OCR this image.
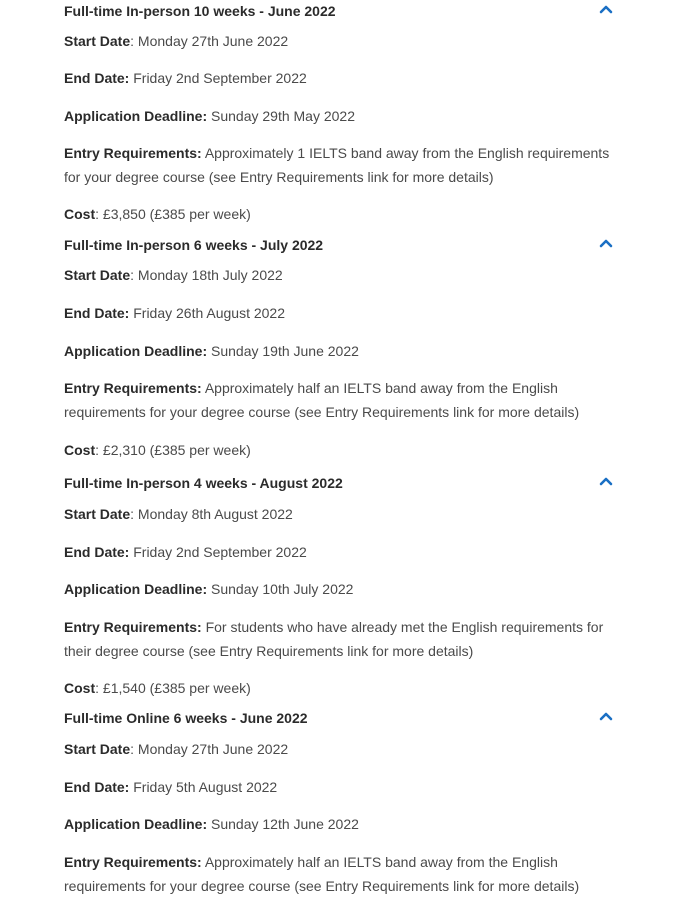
Full-time In-person 10 weeks - June 2022
Start Date: Monday 27th June 2022
End Date: Friday 2nd September 2022
Application Deadline: Sunday 29th May 2022
Entry Requirements: Approximately 1 IELTS band away from the English requirements for your degree course (see Entry Requirements link for more details)
Cost: £3,850 (£385 per week)
Full-time In-person 6 weeks - July 2022
Start Date: Monday 18th July 2022
End Date: Friday 26th August 2022
Application Deadline: Sunday 19th June 2022
Entry Requirements: Approximately half an IELTS band away from the English requirements for your degree course (see Entry Requirements link for more details)
Cost: £2,310 (£385 per week)
Full-time In-person 4 weeks - August 2022
Start Date: Monday 8th August 2022
End Date: Friday 2nd September 2022
Application Deadline: Sunday 10th July 2022
Entry Requirements: For students who have already met the English requirements for their degree course (see Entry Requirements link for more details)
Cost: £1,540 (£385 per week)
Full-time Online 6 weeks - June 2022
Start Date: Monday 27th June 2022
End Date: Friday 5th August 2022
Application Deadline: Sunday 12th June 2022
Entry Requirements: Approximately half an IELTS band away from the English requirements for your degree course (see Entry Requirements link for more details)
